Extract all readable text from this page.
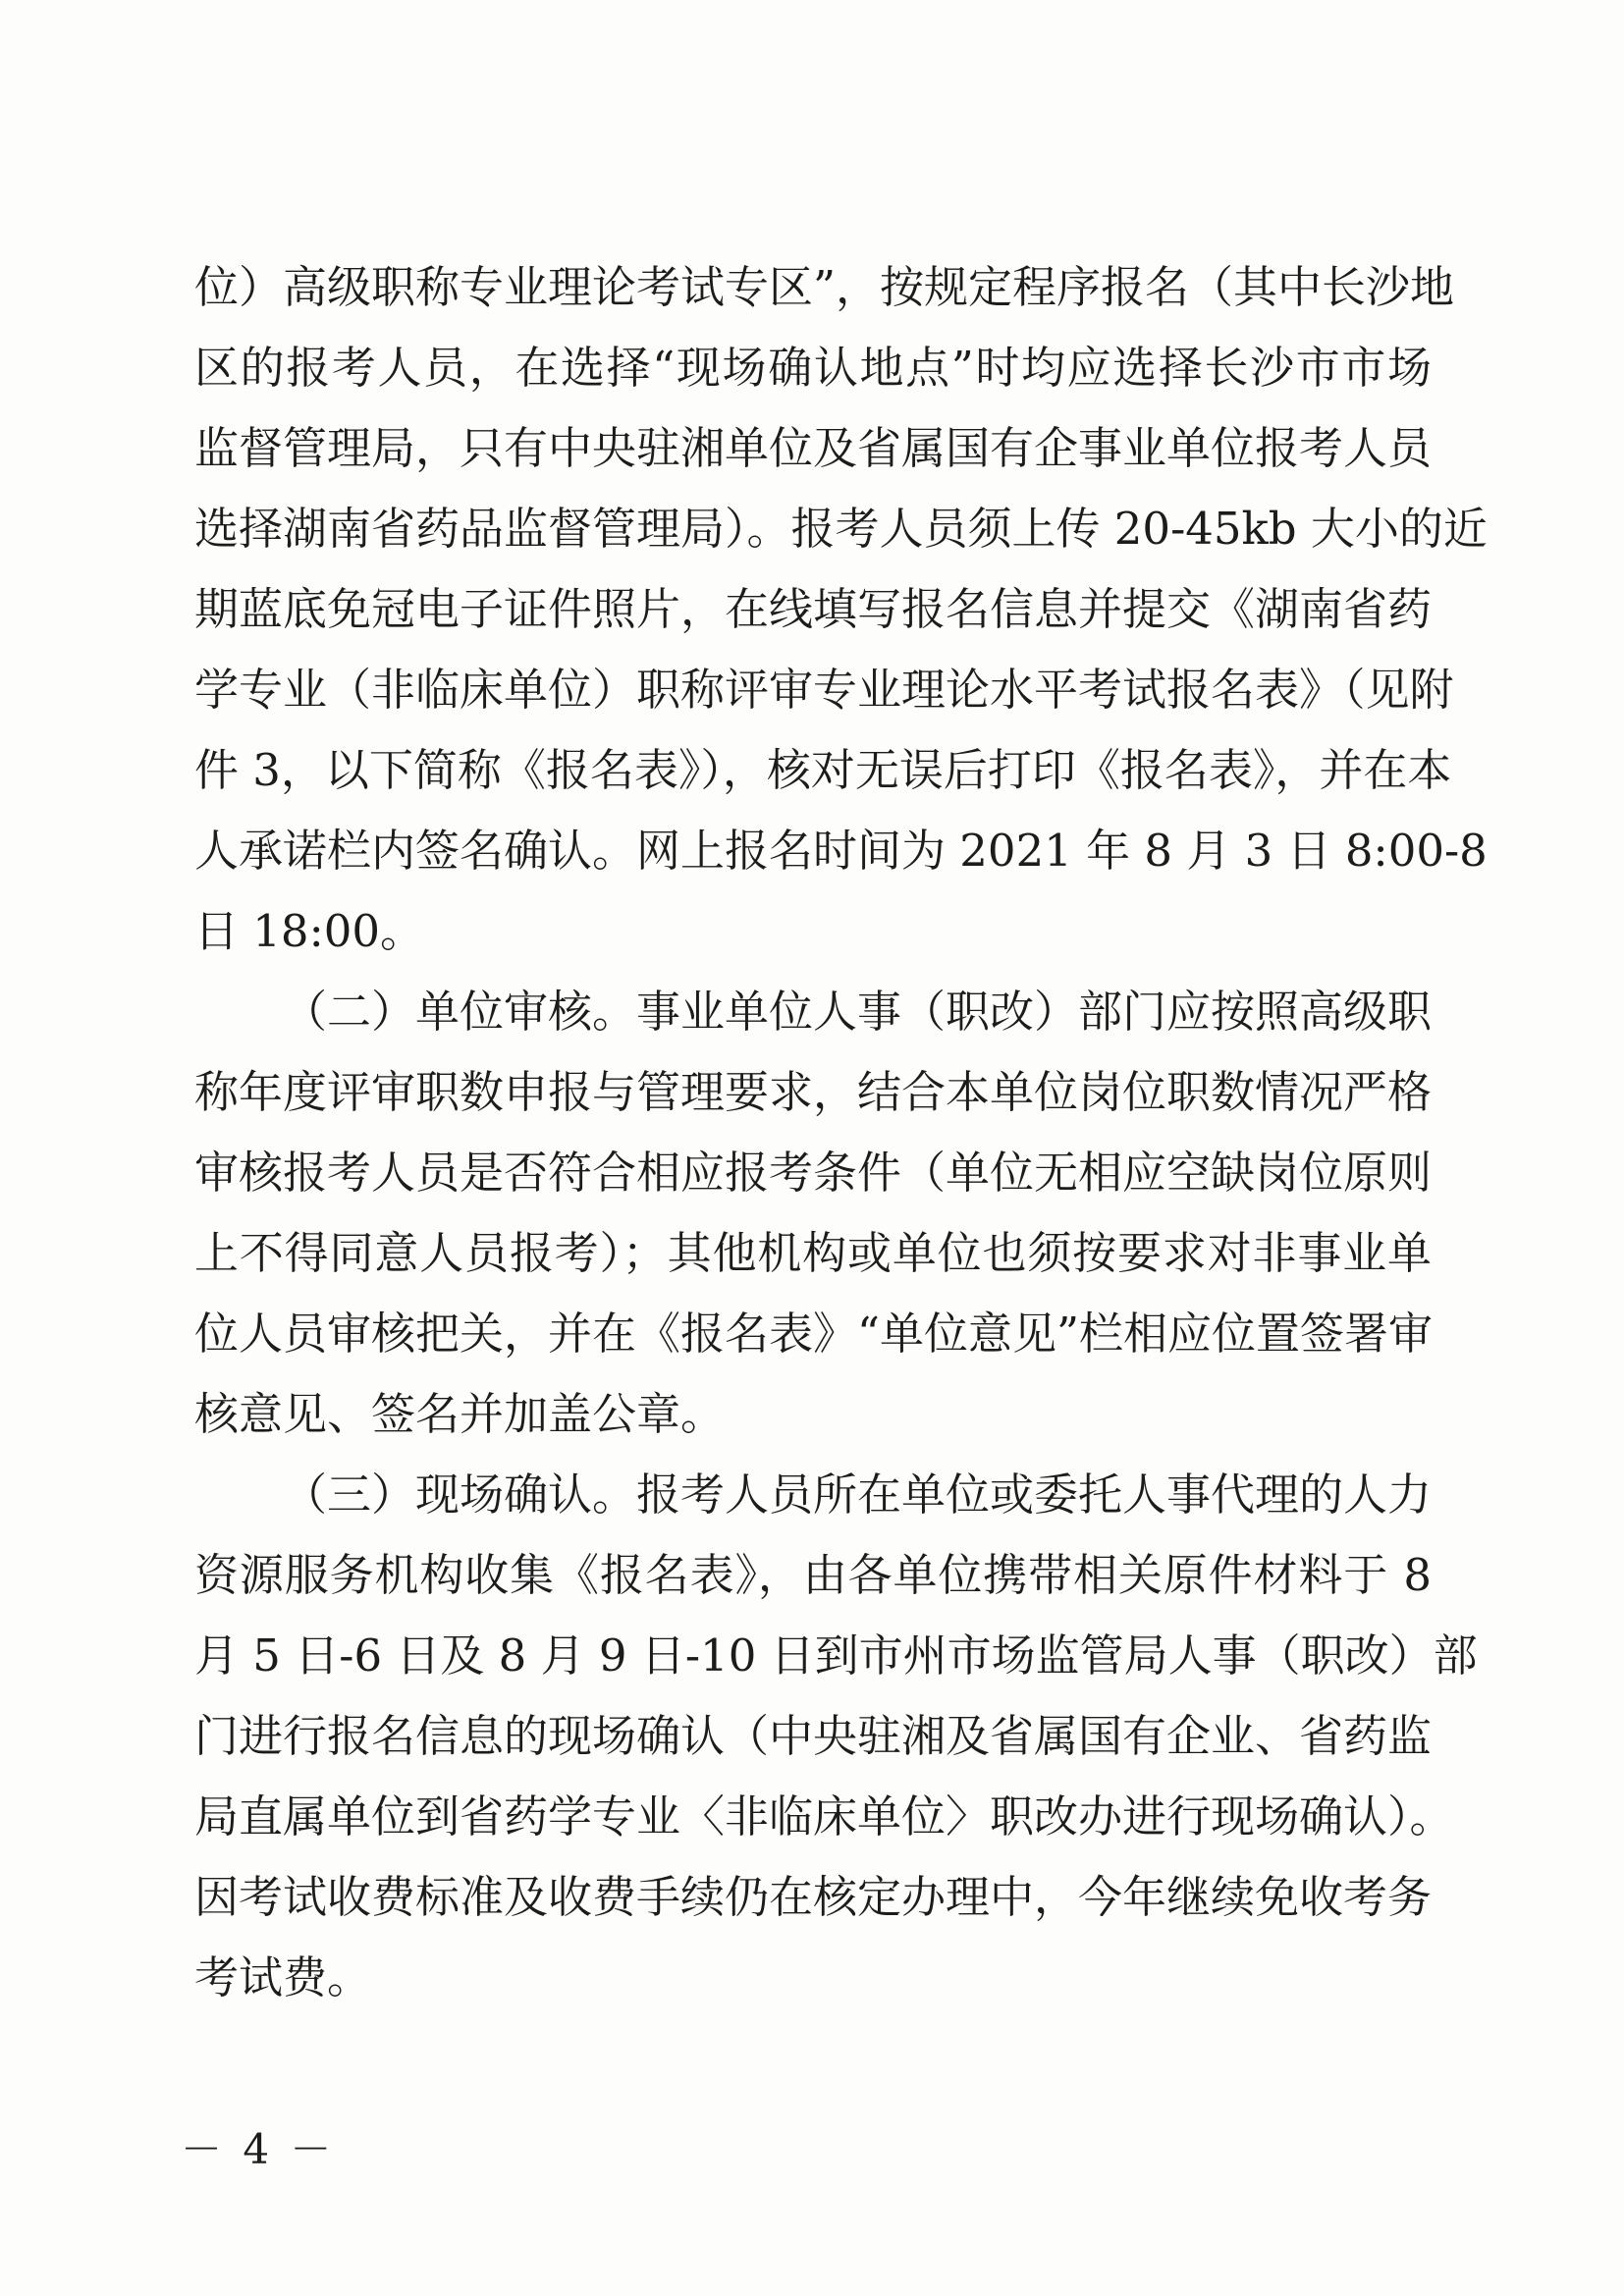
位）高级职称专业理论考试专区”，按规定程序报名（其中长沙地
区的报考人员，在选择“现场确认地点”时均应选择长沙市市场
监督管理局，只有中央驻湘单位及省属国有企事业单位报考人员
选择湖南省药品监督管理局）。报考人员须上传 20-45kb 大小的近
期蓝底免冠电子证件照片，在线填写报名信息并提交《湖南省药
学专业（非临床单位）职称评审专业理论水平考试报名表》（见附
件 3，以下简称《报名表》），核对无误后打印《报名表》，并在本
人承诺栏内签名确认。网上报名时间为 2021 年 8 月 3 日 8:00-8
日 18:00。
（二）单位审核。事业单位人事（职改）部门应按照高级职
称年度评审职数申报与管理要求，结合本单位岗位职数情况严格
审核报考人员是否符合相应报考条件（单位无相应空缺岗位原则
上不得同意人员报考）；其他机构或单位也须按要求对非事业单
位人员审核把关，并在《报名表》“单位意见”栏相应位置签署审
核意见、签名并加盖公章。
（三）现场确认。报考人员所在单位或委托人事代理的人力
资源服务机构收集《报名表》，由各单位携带相关原件材料于 8
月 5 日-6 日及 8 月 9 日-10 日到市州市场监管局人事（职改）部
门进行报名信息的现场确认（中央驻湘及省属国有企业、省药监
局直属单位到省药学专业〈非临床单位〉职改办进行现场确认）。
因考试收费标准及收费手续仍在核定办理中，今年继续免收考务
考试费。
－ 4 －
